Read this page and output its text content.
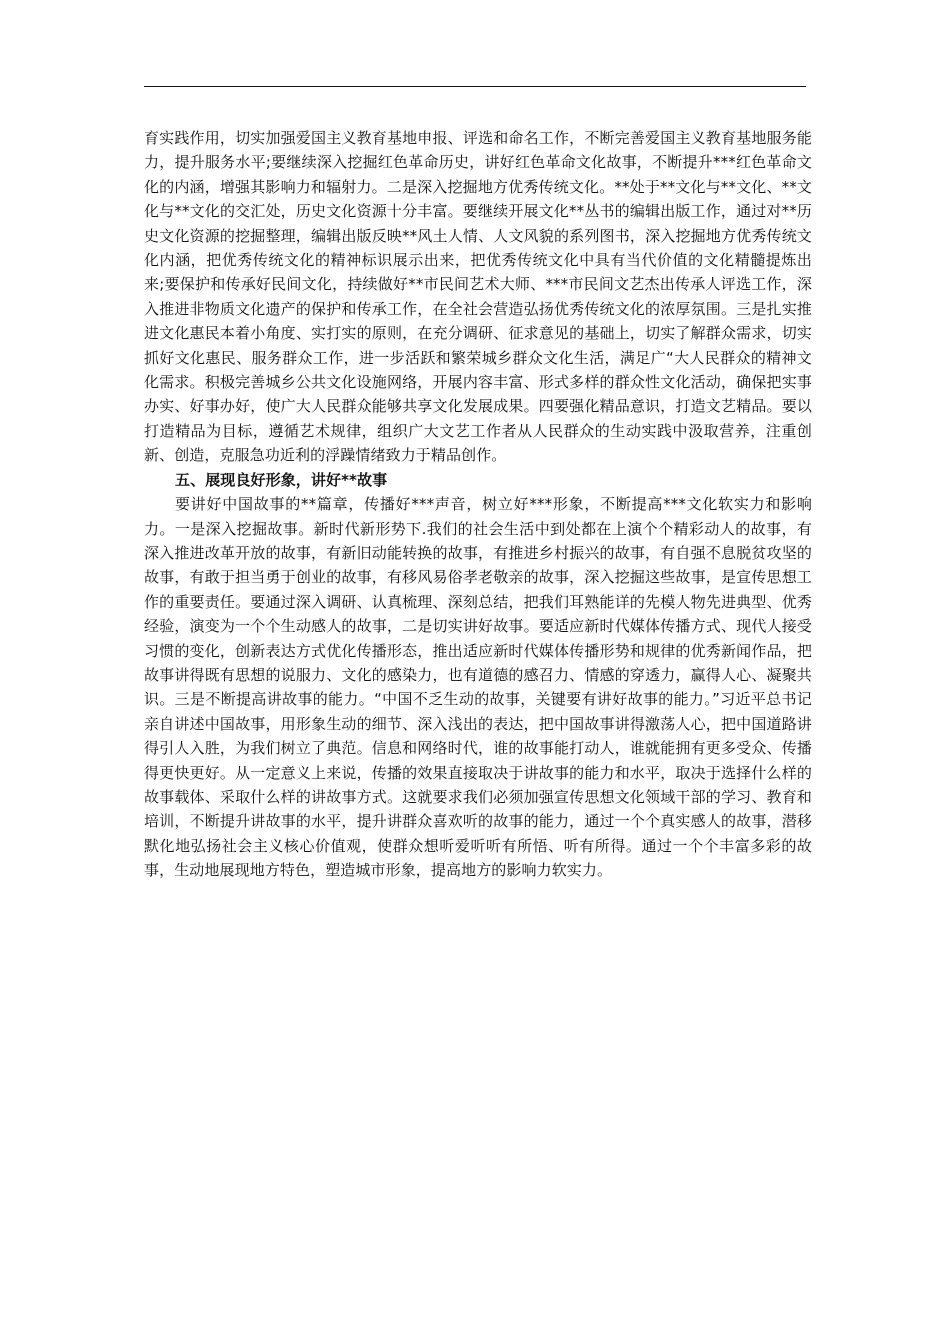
育实践作用，切实加强爱国主义教育基地申报、评选和命名工作，不断完善爱国主义教育基地服务能力，提升服务水平;要继续深入挖掘红色革命历史，讲好红色革命文化故事，不断提升***红色革命文化的内涵，增强其影响力和辐射力。二是深入挖掘地方优秀传统文化。**处于**文化与**文化、**文化与**文化的交汇处，历史文化资源十分丰富。要继续开展文化**丛书的编辑出版工作，通过对**历史文化资源的挖掘整理，编辑出版反映**风土人情、人文风貌的系列图书，深入挖掘地方优秀传统文化内涵，把优秀传统文化的精神标识展示出来，把优秀传统文化中具有当代价值的文化精髓提炼出来;要保护和传承好民间文化，持续做好**市民间艺术大师、***市民间文艺杰出传承人评选工作，深入推进非物质文化遗产的保护和传承工作，在全社会营造弘扬优秀传统文化的浓厚氛围。三是扎实推进文化惠民本着小角度、实打实的原则，在充分调研、征求意见的基础上，切实了解群众需求，切实抓好文化惠民、服务群众工作，进一步活跃和繁荣城乡群众文化生活，满足广“大人民群众的精神文化需求。积极完善城乡公共文化设施网络，开展内容丰富、形式多样的群众性文化活动，确保把实事办实、好事办好，使广大人民群众能够共享文化发展成果。四要强化精品意识，打造文艺精品。要以打造精品为目标，遵循艺术规律，组织广大文艺工作者从人民群众的生动实践中汲取营养，注重创新、创造，克服急功近利的浮躁情绪致力于精品创作。

五、展现良好形象，讲好**故事

要讲好中国故事的**篇章，传播好***声音，树立好***形象，不断提高***文化软实力和影响力。一是深入挖掘故事。新时代新形势下.我们的社会生活中到处都在上演个个精彩动人的故事，有深入推进改革开放的故事，有新旧动能转换的故事，有推进乡村振兴的故事，有自强不息脱贫攻坚的故事，有敢于担当勇于创业的故事，有移风易俗孝老敬亲的故事，深入挖掘这些故事，是宣传思想工作的重要责任。要通过深入调研、认真梳理、深刻总结，把我们耳熟能详的先模人物先进典型、优秀经验，演变为一个个生动感人的故事，二是切实讲好故事。要适应新时代媒体传播方式、现代人接受习惯的变化，创新表达方式优化传播形态，推出适应新时代媒体传播形势和规律的优秀新闻作品，把故事讲得既有思想的说服力、文化的感染力，也有道德的感召力、情感的穿透力，赢得人心、凝聚共识。三是不断提高讲故事的能力。“中国不乏生动的故事，关键要有讲好故事的能力。”习近平总书记亲自讲述中国故事，用形象生动的细节、深入浅出的表达，把中国故事讲得激荡人心，把中国道路讲得引人入胜，为我们树立了典范。信息和网络时代，谁的故事能打动人，谁就能拥有更多受众、传播得更快更好。从一定意义上来说，传播的效果直接取决于讲故事的能力和水平，取决于选择什么样的故事载体、采取什么样的讲故事方式。这就要求我们必须加强宣传思想文化领域干部的学习、教育和培训，不断提升讲故事的水平，提升讲群众喜欢听的故事的能力，通过一个个真实感人的故事，潜移默化地弘扬社会主义核心价值观，使群众想听爱听听有所悟、听有所得。通过一个个丰富多彩的故事，生动地展现地方特色，塑造城市形象，提高地方的影响力软实力。
